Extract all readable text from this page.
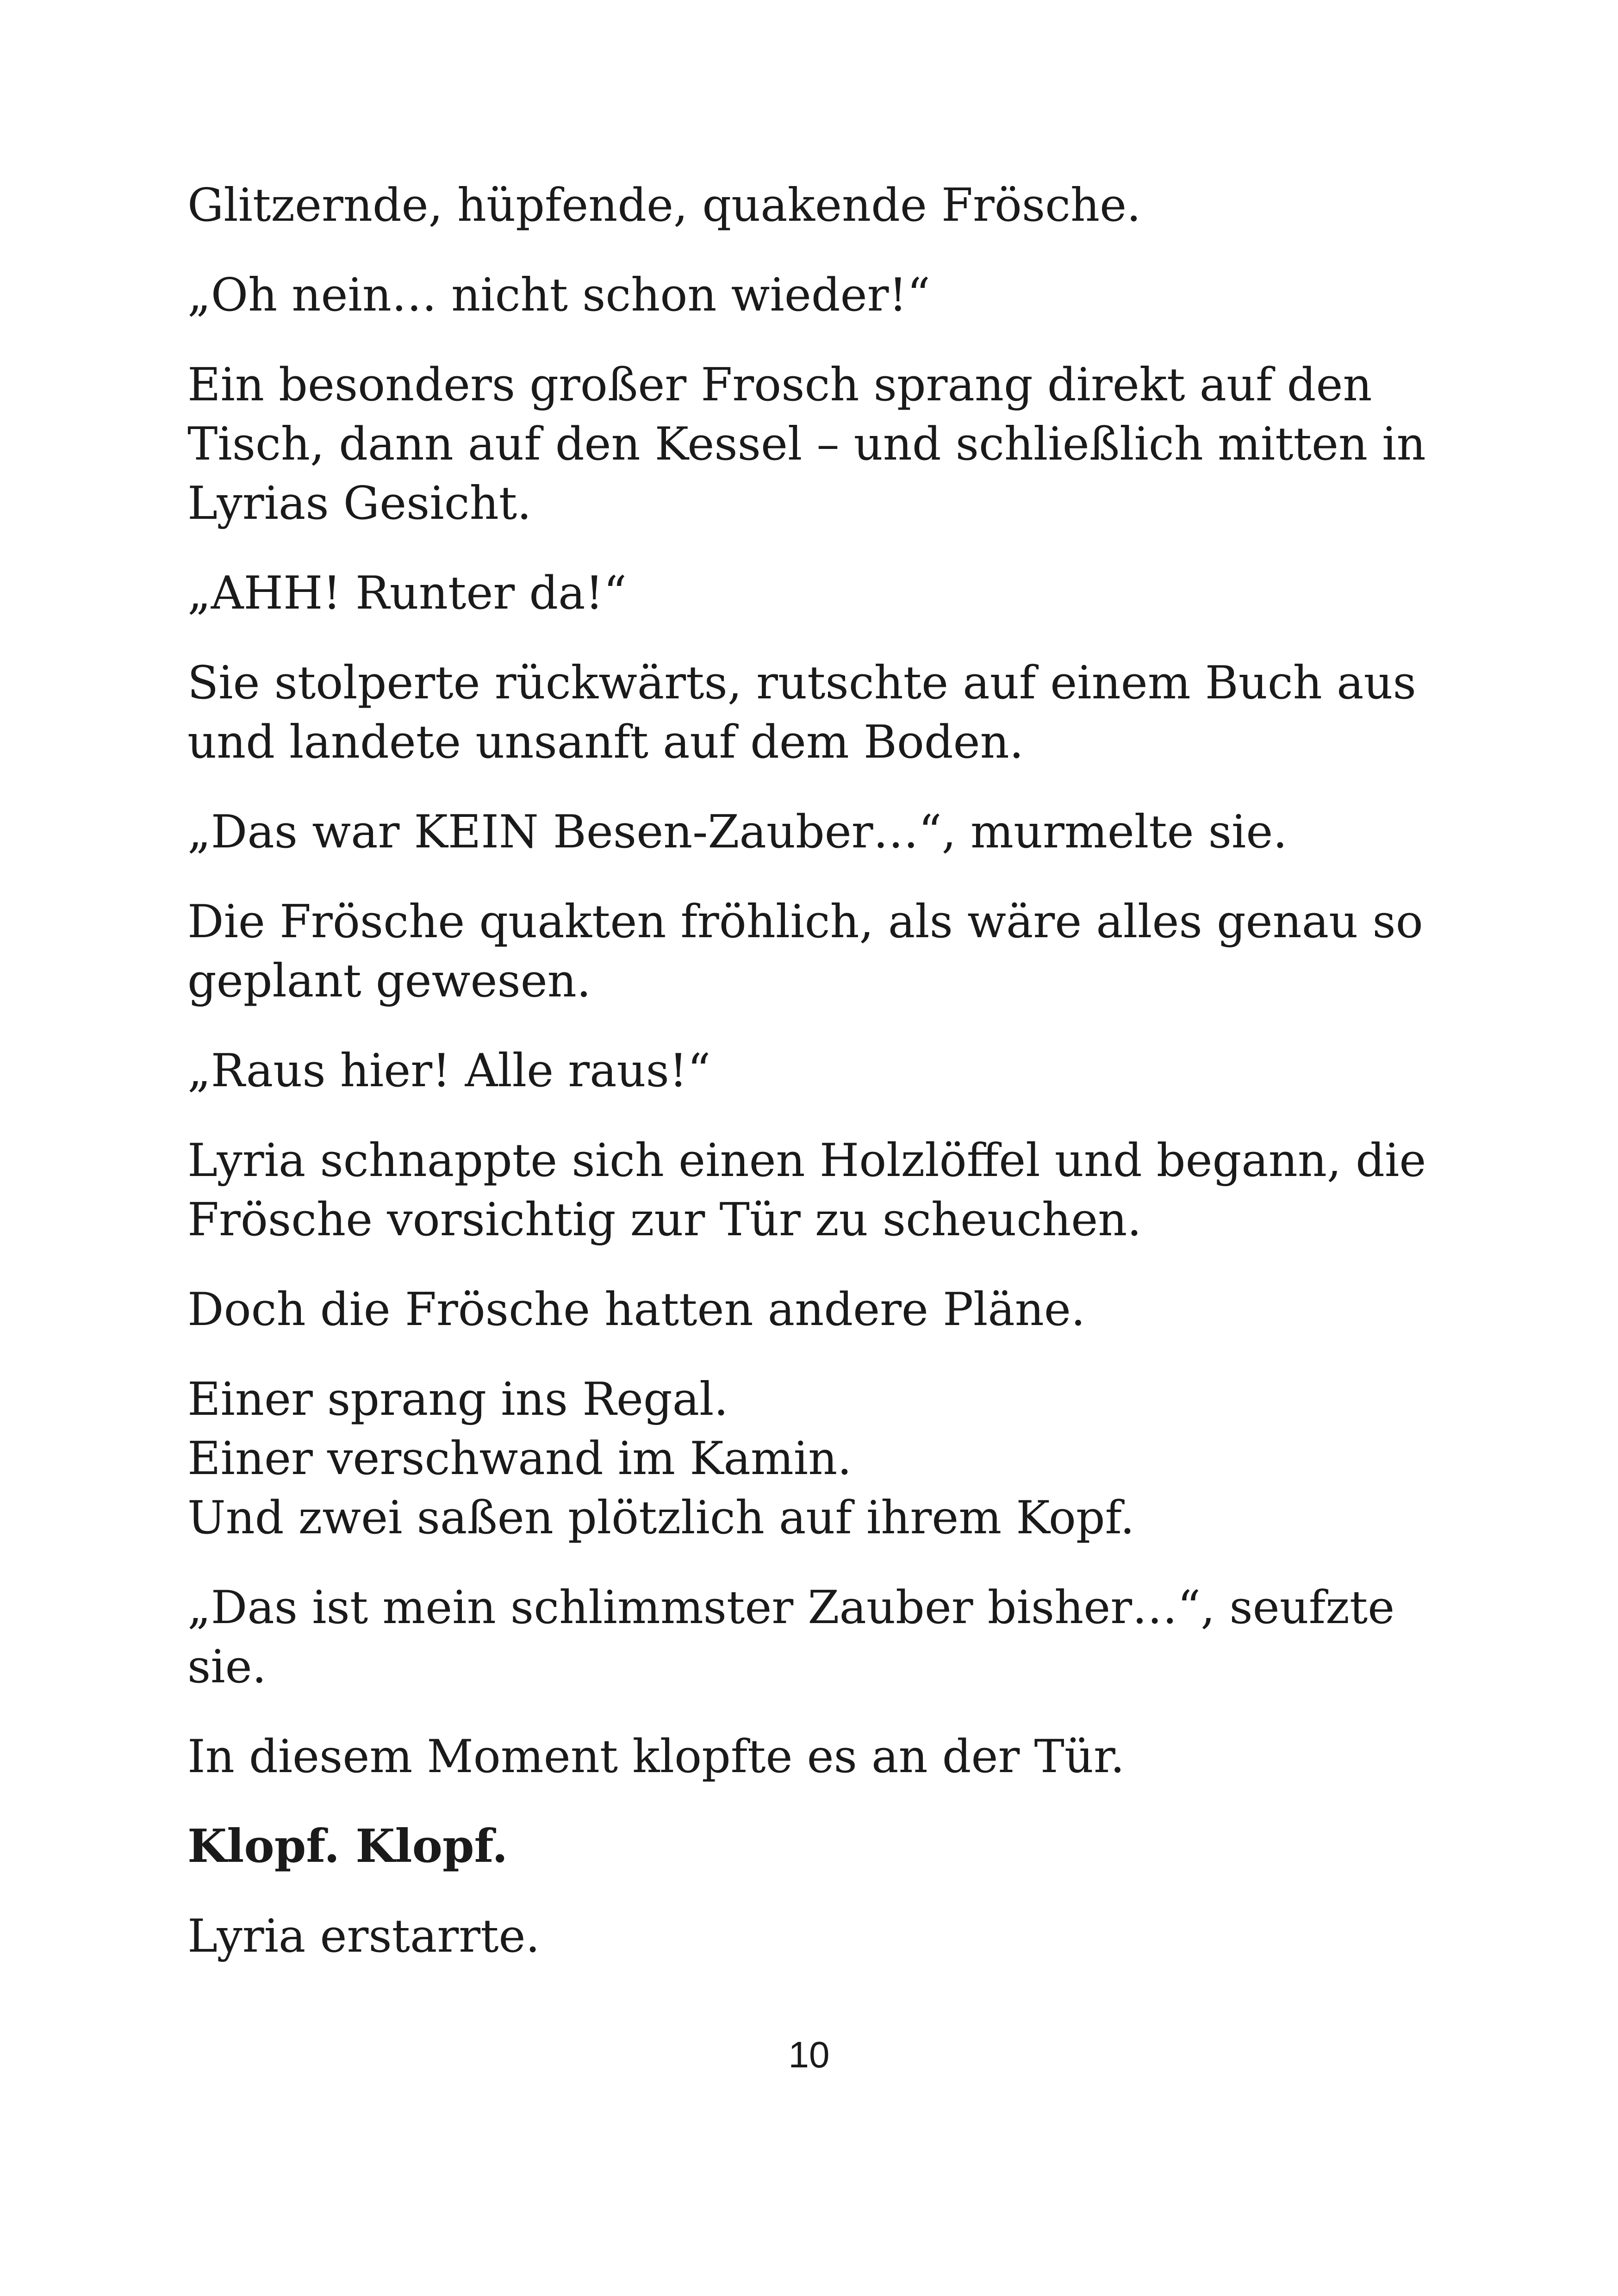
Glitzernde, hüpfende, quakende Frösche.

„Oh nein… nicht schon wieder!“

Ein besonders großer Frosch sprang direkt auf den
Tisch, dann auf den Kessel – und schließlich mitten in
Lyrias Gesicht.

„AHH! Runter da!“

Sie stolperte rückwärts, rutschte auf einem Buch aus
und landete unsanft auf dem Boden.

„Das war KEIN Besen-Zauber…“, murmelte sie.

Die Frösche quakten fröhlich, als wäre alles genau so
geplant gewesen.

„Raus hier! Alle raus!“

Lyria schnappte sich einen Holzlöffel und begann, die
Frösche vorsichtig zur Tür zu scheuchen.

Doch die Frösche hatten andere Pläne.

Einer sprang ins Regal.
Einer verschwand im Kamin.
Und zwei saßen plötzlich auf ihrem Kopf.

„Das ist mein schlimmster Zauber bisher…“, seufzte
sie.

In diesem Moment klopfte es an der Tür.

Klopf. Klopf.

Lyria erstarrte.

10
